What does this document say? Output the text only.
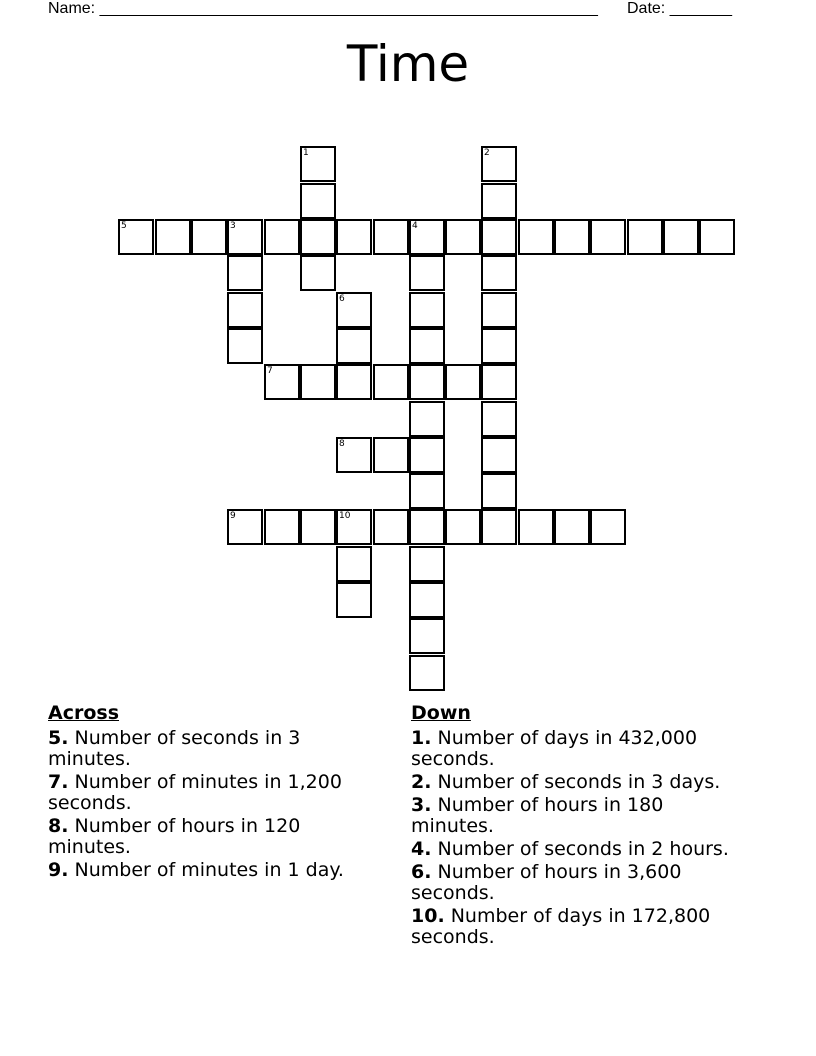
Name: ________________________________________________________ Date: _______
Time
5	3	4
1	2
6
7
8
9	10
Across
5. Number of seconds in 3 minutes.
7. Number of minutes in 1,200 seconds.
8. Number of hours in 120 minutes.
9. Number of minutes in 1 day.
Down
1. Number of days in 432,000 seconds.
2. Number of seconds in 3 days.
3. Number of hours in 180 minutes.
4. Number of seconds in 2 hours.
6. Number of hours in 3,600 seconds.
10. Number of days in 172,800 seconds.
